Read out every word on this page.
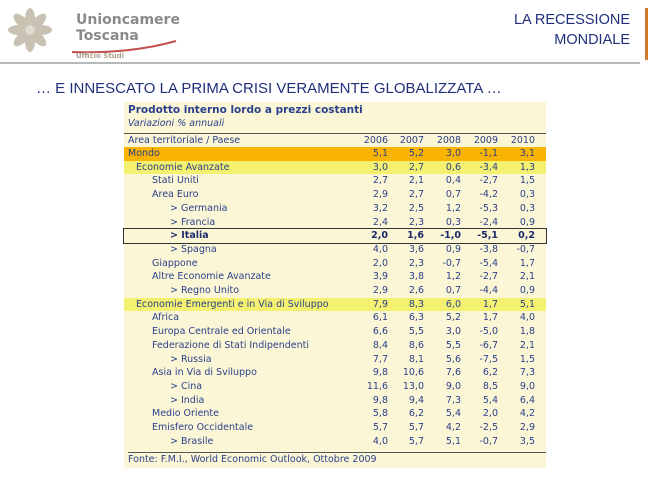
Unioncamere
Toscana
Ufficio Studi
LA RECESSIONE
MONDIALE
… E INNESCATO LA PRIMA CRISI VERAMENTE GLOBALIZZATA …
Prodotto interno lordo a prezzi costanti
Variazioni % annuali
Area territoriale / Paese	2006	2007	2008	2009	2010
Mondo	5,1	5,2	3,0	-1,1	3,1
Economie Avanzate	3,0	2,7	0,6	-3,4	1,3
Stati Uniti	2,7	2,1	0,4	-2,7	1,5
Area Euro	2,9	2,7	0,7	-4,2	0,3
> Germania	3,2	2,5	1,2	-5,3	0,3
> Francia	2,4	2,3	0,3	-2,4	0,9
> Italia	2,0	1,6	-1,0	-5,1	0,2
> Spagna	4,0	3,6	0,9	-3,8	-0,7
Giappone	2,0	2,3	-0,7	-5,4	1,7
Altre Economie Avanzate	3,9	3,8	1,2	-2,7	2,1
> Regno Unito	2,9	2,6	0,7	-4,4	0,9
Economie Emergenti e in Via di Sviluppo	7,9	8,3	6,0	1,7	5,1
Africa	6,1	6,3	5,2	1,7	4,0
Europa Centrale ed Orientale	6,6	5,5	3,0	-5,0	1,8
Federazione di Stati Indipendenti	8,4	8,6	5,5	-6,7	2,1
> Russia	7,7	8,1	5,6	-7,5	1,5
Asia in Via di Sviluppo	9,8	10,6	7,6	6,2	7,3
> Cina	11,6	13,0	9,0	8,5	9,0
> India	9,8	9,4	7,3	5,4	6,4
Medio Oriente	5,8	6,2	5,4	2,0	4,2
Emisfero Occidentale	5,7	5,7	4,2	-2,5	2,9
> Brasile	4,0	5,7	5,1	-0,7	3,5
Fonte: F.M.I., World Economic Outlook, Ottobre 2009
